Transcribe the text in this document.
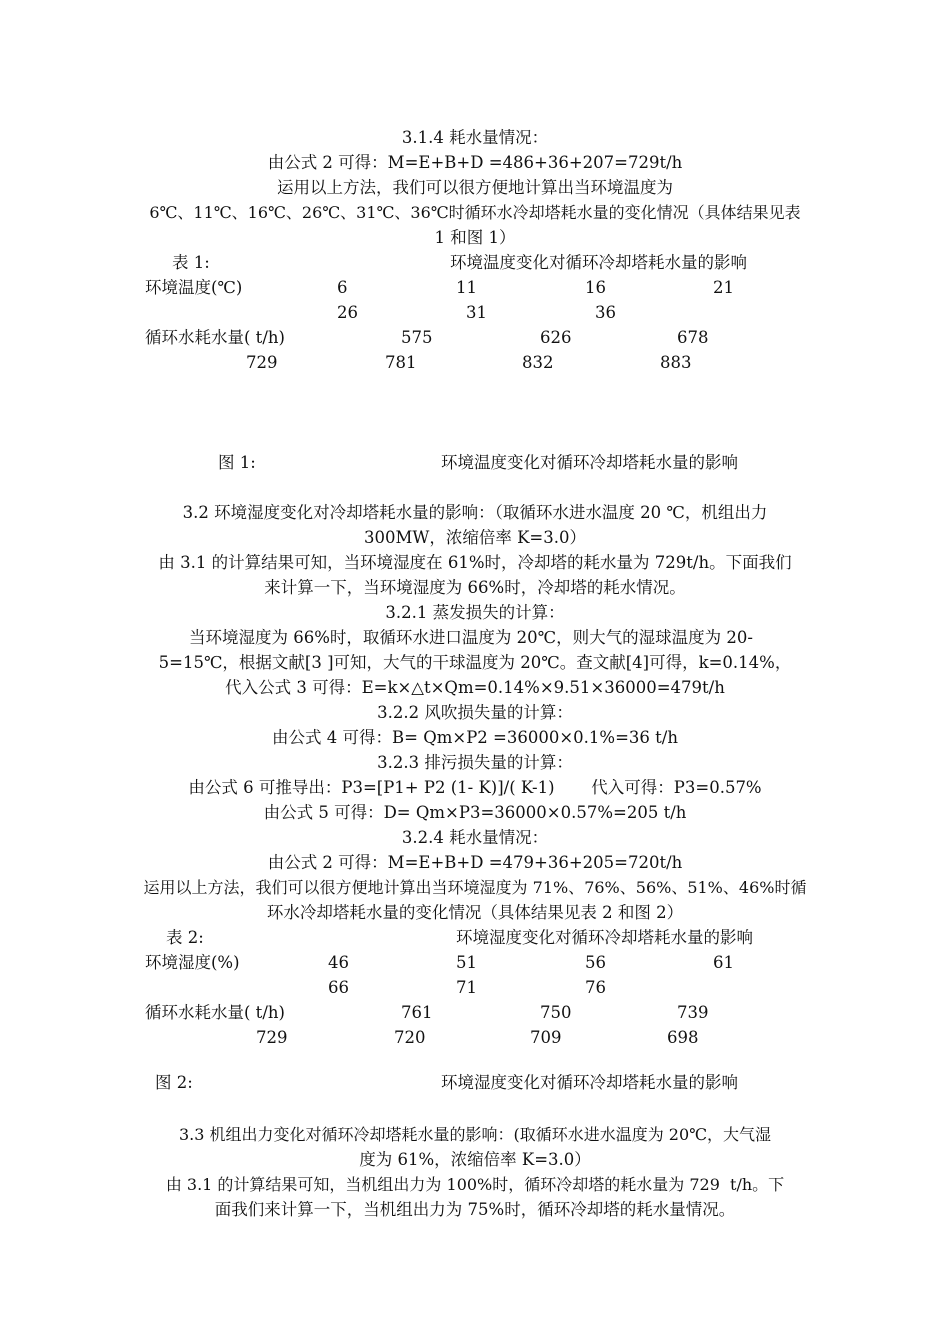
3.1.4 耗水量情况：
由公式 2 可得：M=E+B+D =486+36+207=729t/h
运用以上方法，我们可以很方便地计算出当环境温度为
6℃、11℃、16℃、26℃、31℃、36℃时循环水冷却塔耗水量的变化情况（具体结果见表
1 和图 1）
表 1:	环境温度变化对循环冷却塔耗水量的影响
环境温度(℃)	6	11	16	21
26	31	36
循环水耗水量( t/h)	575	626	678
729	781	832	883
图 1:	环境温度变化对循环冷却塔耗水量的影响
3.2 环境湿度变化对冷却塔耗水量的影响：（取循环水进水温度 20 ℃，机组出力
300MW，浓缩倍率 K=3.0）
由 3.1 的计算结果可知，当环境湿度在 61%时，冷却塔的耗水量为 729t/h。下面我们
来计算一下，当环境湿度为 66%时，冷却塔的耗水情况。
3.2.1 蒸发损失的计算：
当环境湿度为 66%时，取循环水进口温度为 20℃，则大气的湿球温度为 20-
5=15℃，根据文献[3 ]可知，大气的干球温度为 20℃。查文献[4]可得，k=0.14%，
代入公式 3 可得：E=k×△t×Qm=0.14%×9.51×36000=479t/h
3.2.2 风吹损失量的计算：
由公式 4 可得：B= Qm×P2 =36000×0.1%=36 t/h
3.2.3 排污损失量的计算：
由公式 6 可推导出：P3=[P1+ P2 (1- K)]/( K-1)       代入可得：P3=0.57%
由公式 5 可得：D= Qm×P3=36000×0.57%=205 t/h
3.2.4 耗水量情况：
由公式 2 可得：M=E+B+D =479+36+205=720t/h
运用以上方法，我们可以很方便地计算出当环境湿度为 71%、76%、56%、51%、46%时循
环水冷却塔耗水量的变化情况（具体结果见表 2 和图 2）
表 2:	环境湿度变化对循环冷却塔耗水量的影响
环境湿度(%)	46	51	56	61
66	71	76
循环水耗水量( t/h)	761	750	739
729	720	709	698
图 2:	环境湿度变化对循环冷却塔耗水量的影响
3.3 机组出力变化对循环冷却塔耗水量的影响：(取循环水进水温度为 20℃，大气湿
度为 61%，浓缩倍率 K=3.0）
由 3.1 的计算结果可知，当机组出力为 100%时，循环冷却塔的耗水量为 729  t/h。下
面我们来计算一下，当机组出力为 75%时，循环冷却塔的耗水量情况。
